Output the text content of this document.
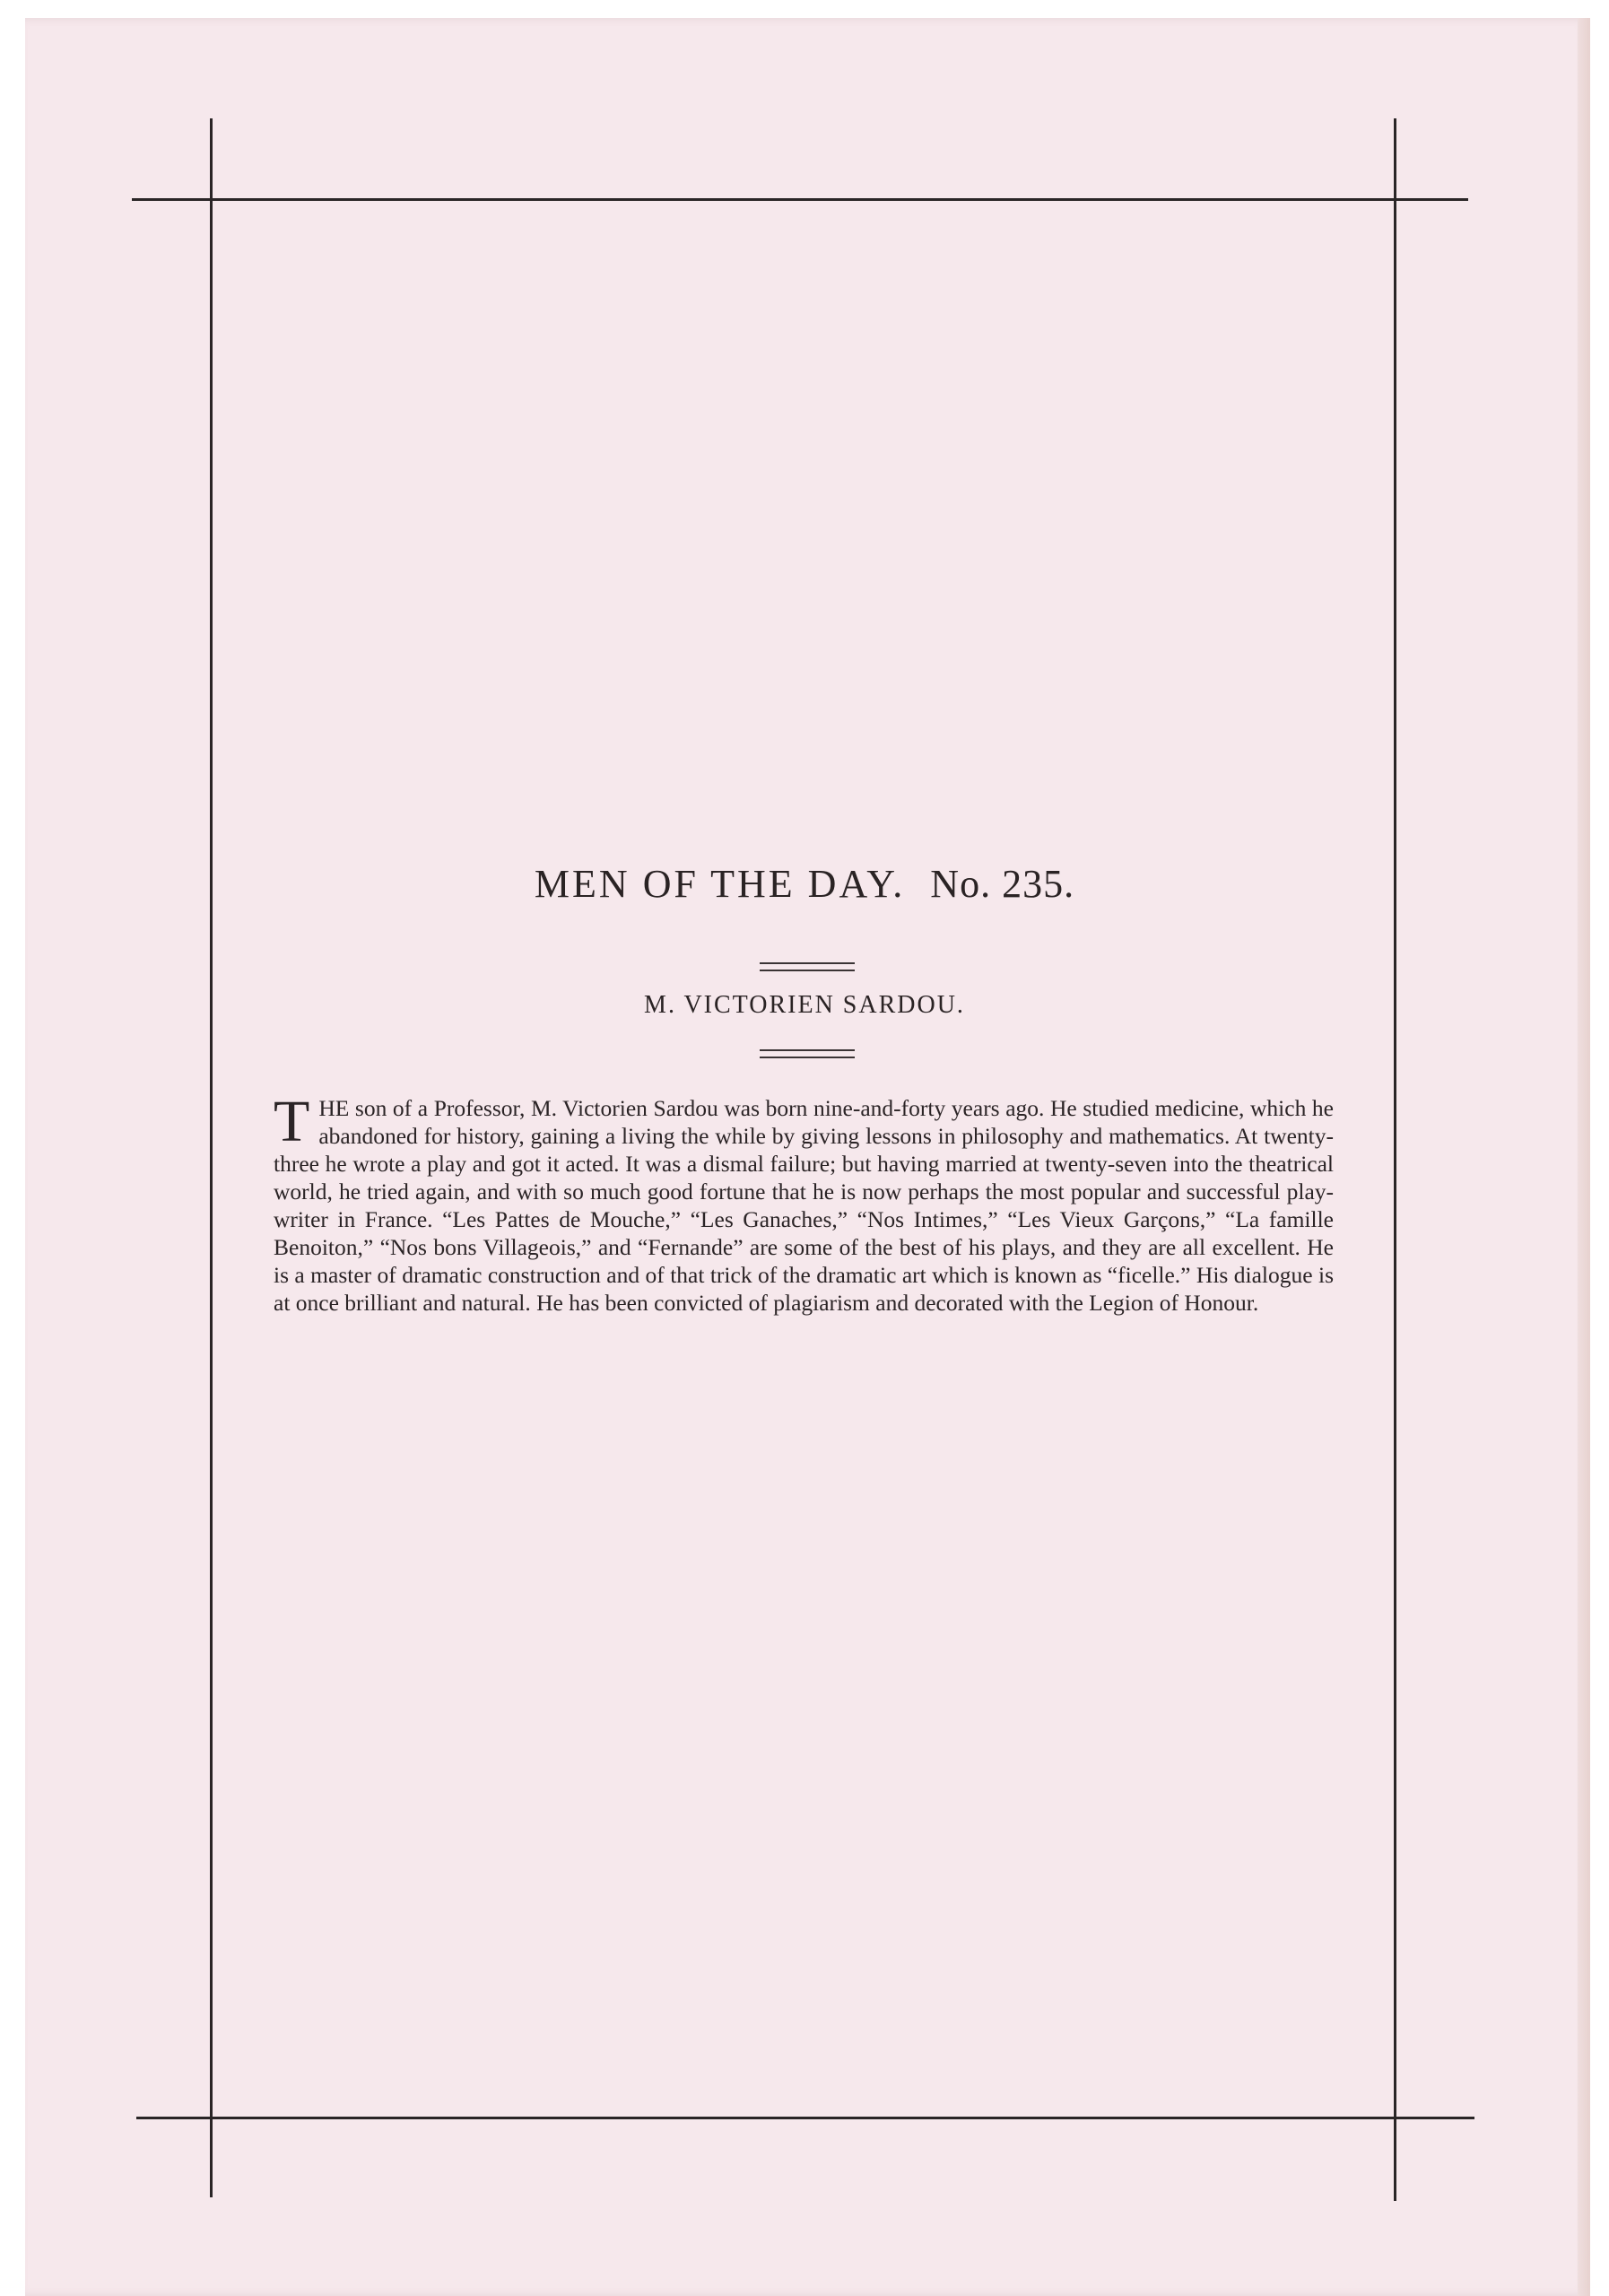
MEN OF THE DAY. No. 235.
M. VICTORIEN SARDOU.
THE son of a Professor, M. Victorien Sardou was born nine-and-forty years ago. He studied medicine, which he abandoned for history, gaining a living the while by giving lessons in philosophy and mathematics. At twenty-three he wrote a play and got it acted. It was a dismal failure; but having married at twenty-seven into the theatrical world, he tried again, and with so much good fortune that he is now perhaps the most popular and successful play-writer in France. “Les Pattes de Mouche,” “Les Ganaches,” “Nos Intimes,” “Les Vieux Garçons,” “La famille Benoiton,” “Nos bons Villageois,” and “Fernande” are some of the best of his plays, and they are all excellent. He is a master of dramatic construction and of that trick of the dramatic art which is known as “ficelle.” His dialogue is at once brilliant and natural. He has been convicted of plagiarism and decorated with the Legion of Honour.
